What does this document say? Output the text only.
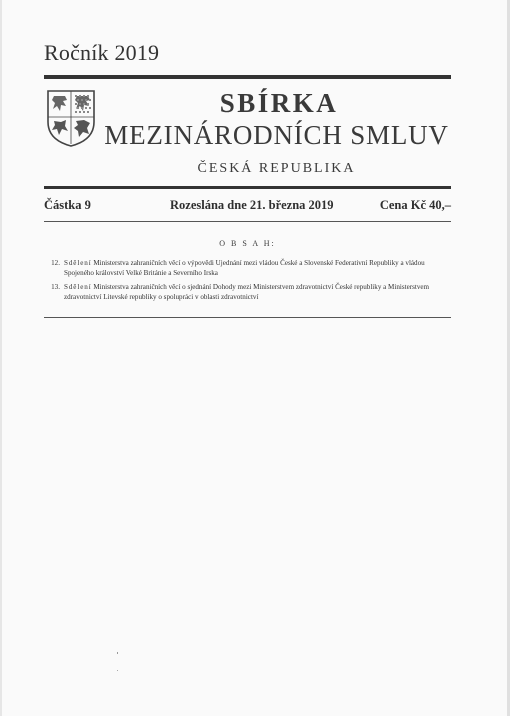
Ročník 2019
SBÍRKA
MEZINÁRODNÍCH SMLUV
ČESKÁ REPUBLIKA
Částka 9	Rozeslána dne 21. března 2019	Cena Kč 40,–
O B S A H:
12. Sdělení Ministerstva zahraničních věcí o výpovědi Ujednání mezi vládou České a Slovenské Federativní Republiky a vládou Spojeného království Velké Británie a Severního Irska
13. Sdělení Ministerstva zahraničních věcí o sjednání Dohody mezi Ministerstvem zdravotnictví České republiky a Ministerstvem zdravotnictví Litevské republiky o spolupráci v oblasti zdravotnictví
